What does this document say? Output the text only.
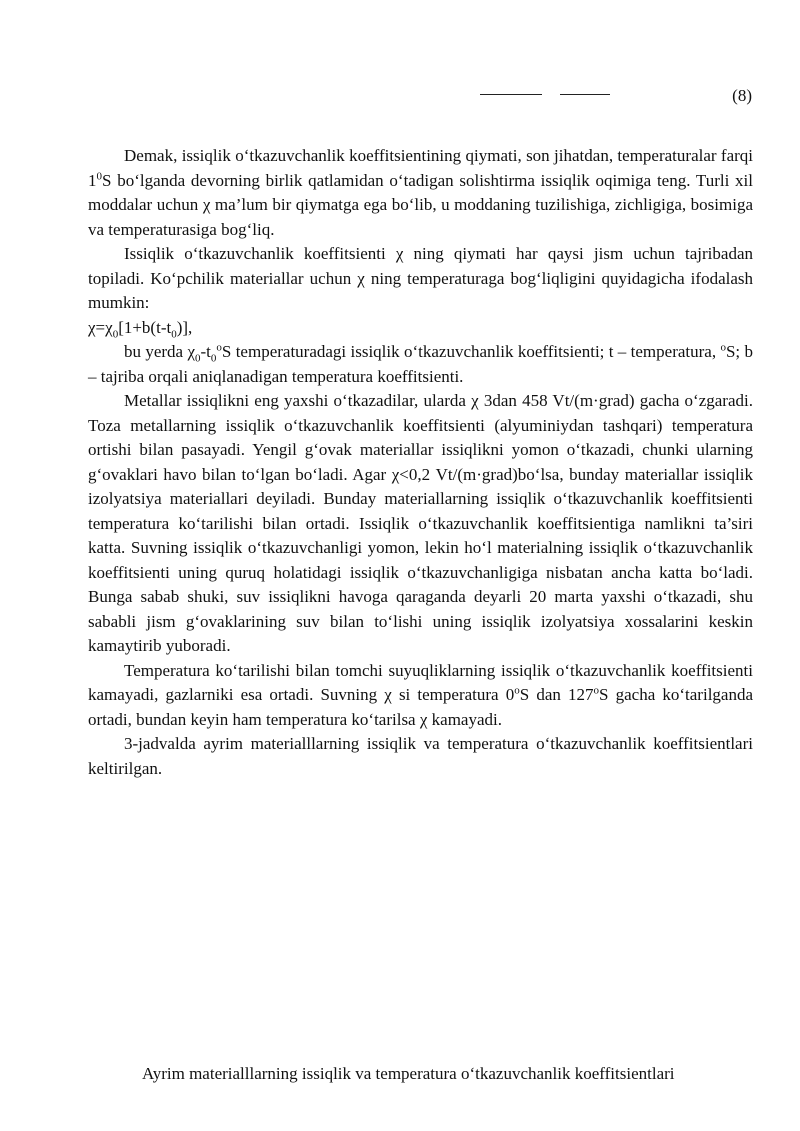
(8)

Demak, issiqlik o‘tkazuvchanlik koeffitsientining qiymati, son jihatdan, temperaturalar farqi $1^0S$ bo‘lganda devorning birlik qatlamidan o‘tadigan solishtirma issiqlik oqimiga teng. Turli xil moddalar uchun χ ma’lum bir qiymatga ega bo‘lib, u moddaning tuzilishiga, zichligiga, bosimiga va temperaturasiga bog‘liq.

Issiqlik o‘tkazuvchanlik koeffitsienti χ ning qiymati har qaysi jism uchun tajribadan topiladi. Ko‘pchilik materiallar uchun χ ning temperaturaga bog‘liqligini quyidagicha ifodalash mumkin:

$\chi=\chi_0[1+b(t-t_0)]$,

bu yerda $\chi_0-t_0^oS$ temperaturadagi issiqlik o‘tkazuvchanlik koeffitsienti; t – temperatura, $^o$S; b – tajriba orqali aniqlanadigan temperatura koeffitsienti.

Metallar issiqlikni eng yaxshi o‘tkazadilar, ularda χ 3dan 458 Vt/(m·grad) gacha o‘zgaradi. Toza metallarning issiqlik o‘tkazuvchanlik koeffitsienti (alyuminiydan tashqari) temperatura ortishi bilan pasayadi. Yengil g‘ovak materiallar issiqlikni yomon o‘tkazadi, chunki ularning g‘ovaklari havo bilan to‘lgan bo‘ladi. Agar χ<0,2 Vt/(m·grad)bo‘lsa, bunday materiallar issiqlik izolyatsiya materiallari deyiladi. Bunday materiallarning issiqlik o‘tkazuvchanlik koeffitsienti temperatura ko‘tarilishi bilan ortadi. Issiqlik o‘tkazuvchanlik koeffitsientiga namlikni ta’siri katta. Suvning issiqlik o‘tkazuvchanligi yomon, lekin ho‘l materialning issiqlik o‘tkazuvchanlik koeffitsienti uning quruq holatidagi issiqlik o‘tkazuvchanligiga nisbatan ancha katta bo‘ladi. Bunga sabab shuki, suv issiqlikni havoga qaraganda deyarli 20 marta yaxshi o‘tkazadi, shu sababli jism g‘ovaklarining suv bilan to‘lishi uning issiqlik izolyatsiya xossalarini keskin kamaytirib yuboradi.

Temperatura ko‘tarilishi bilan tomchi suyuqliklarning issiqlik o‘tkazuvchanlik koeffitsienti kamayadi, gazlarniki esa ortadi. Suvning χ si temperatura 0$^o$S dan 127$^o$S gacha ko‘tarilganda ortadi, bundan keyin ham temperatura ko‘tarilsa χ kamayadi.

3-jadvalda ayrim materialllarning issiqlik va temperatura o‘tkazuvchanlik koeffitsientlari keltirilgan.

Ayrim materialllarning issiqlik va temperatura o‘tkazuvchanlik koeffitsientlari
